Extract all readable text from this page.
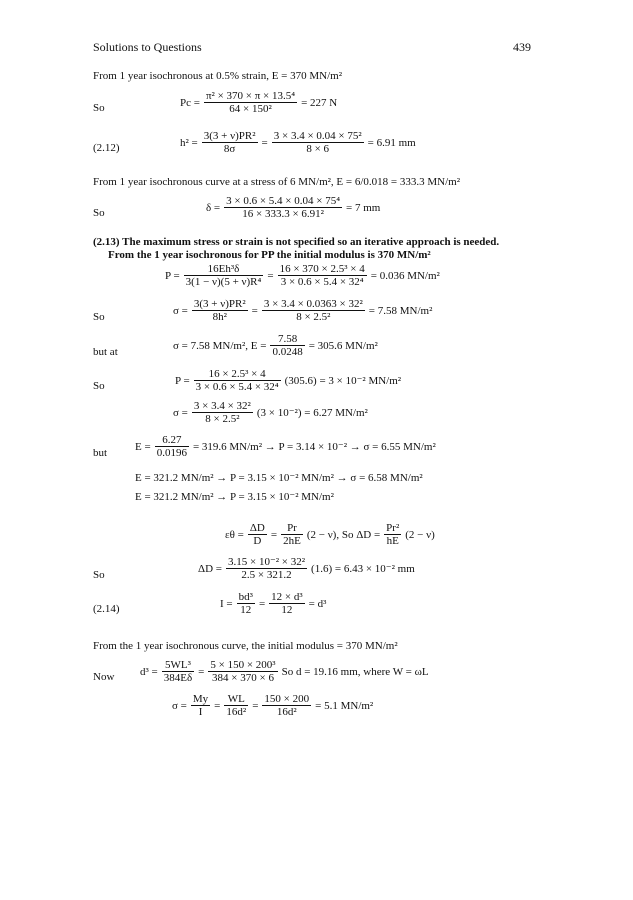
Solutions to Questions	439
From 1 year isochronous at 0.5% strain, E = 370 MN/m²
So	$Pc = \frac{\text{π² × 370 × π × 13.5⁴}}{\text{64 × 150²}} = 227$ N
(2.12)	$h^2 = \frac{\text{3(3 + ν)PR²}}{8\sigma} = \frac{\text{3 × 3.4 × 0.04 × 75²}}{8 \times 6} = 6.91$ mm
From 1 year isochronous curve at a stress of 6 MN/m², E = 6/0.018 = 333.3 MN/m²
So	$\delta = \frac{\text{3 × 0.6 × 5.4 × 0.04 × 75⁴}}{\text{16 × 333.3 × 6.91²}} = 7$ mm
(2.13) The maximum stress or strain is not specified so an iterative approach is needed.
From the 1 year isochronous for PP the initial modulus is 370 MN/m²
$P = \frac{\text{16Eh³δ}}{\text{3(1 − ν)(5 + ν)R⁴}} = \frac{\text{16 × 370 × 2.5³ × 4}}{\text{3 × 0.6 × 5.4 × 32⁴}} = 0.036$ MN/m²
So
$\sigma = \frac{\text{3(3 + ν)PR²}}{\text{8h²}} = \frac{\text{3 × 3.4 × 0.0363 × 32²}}{\text{8 × 2.5²}} = 7.58$ MN/m²
but at
σ = 7.58 MN/m², $E = \frac{7.58}{0.0248} = 305.6$ MN/m²
So	$P = \frac{\text{16 × 2.5³ × 4}}{\text{3 × 0.6 × 5.4 × 32⁴}} (305.6) = 3 \times 10^{-2}$ MN/m²
$\sigma = \frac{\text{3 × 3.4 × 32²}}{\text{8 × 2.5²}} (3 \times 10^{-2}) = 6.27$ MN/m²
but
$E = \frac{6.27}{0.0196} = 319.6$ MN/m² → P = 3.14 × 10⁻² → σ = 6.55 MN/m²
E = 321.2 MN/m² → P = 3.15 × 10⁻² MN/m² → σ = 6.58 MN/m²
E = 321.2 MN/m² → P = 3.15 × 10⁻² MN/m²
$\varepsilon\theta = \frac{\Delta D}{D} = \frac{Pr}{2hE} (2 - \nu)$, So $\Delta D = \frac{\text{Pr²}}{hE} (2 - \nu)$
So
$\Delta D = \frac{\text{3.15 × 10⁻² × 32²}}{2.5 \times 321.2} (1.6) = 6.43 \times 10^{-2}$ mm
(2.14)	$I = \frac{\text{bd³}}{12} = \frac{\text{12 × d³}}{12} = d^3$
From the 1 year isochronous curve, the initial modulus = 370 MN/m²
Now $d^3 = \frac{\text{5WL³}}{384E\delta} = \frac{\text{5 × 150 × 200³}}{384 \times 370 \times 6}$ So d = 19.16 mm, where W = ωL
$\sigma = \frac{My}{I} = \frac{WL}{\text{16d²}} = \frac{150 \times 200}{\text{16d²}} = 5.1$ MN/m²
